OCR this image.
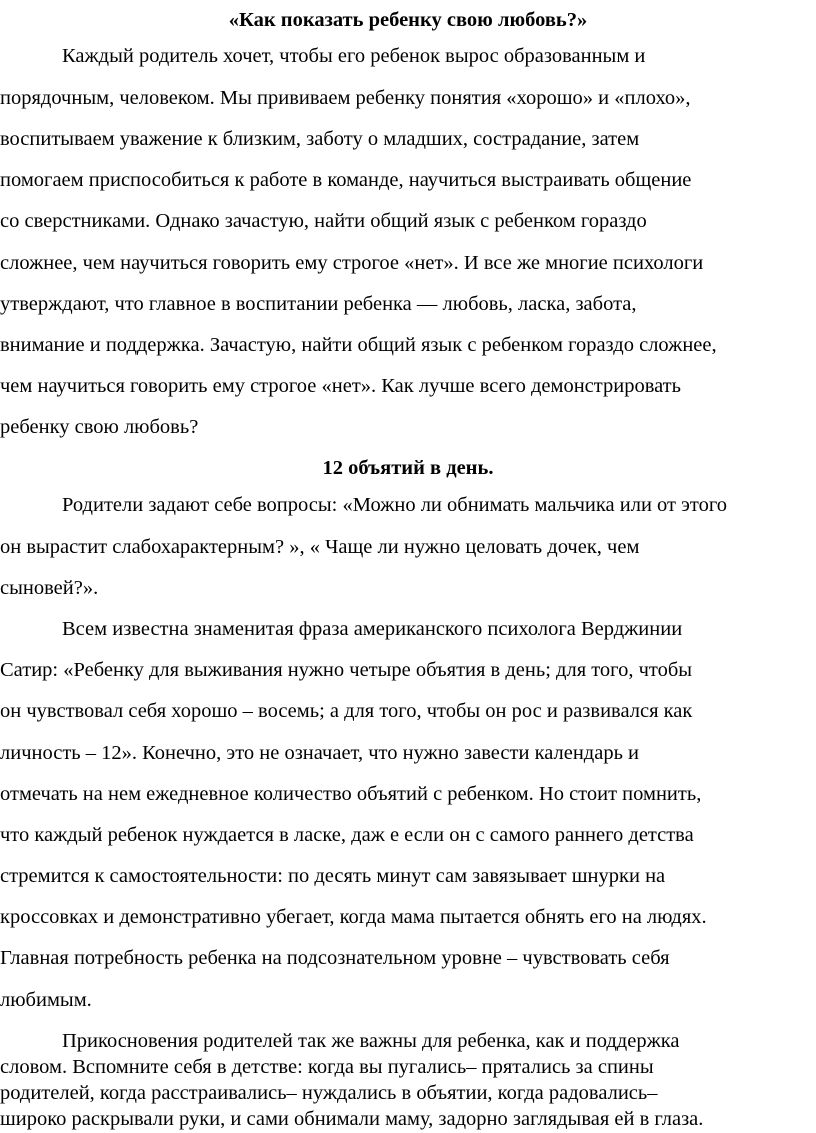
«Как показать ребенку свою любовь?»
Каждый родитель хочет, чтобы его ребенок вырос образованным и
порядочным, человеком. Мы прививаем ребенку понятия «хорошо» и «плохо»,
воспитываем уважение к близким, заботу о младших, сострадание, затем
помогаем приспособиться к работе в команде, научиться выстраивать общение
со сверстниками. Однако зачастую, найти общий язык с ребенком гораздо
сложнее, чем научиться говорить ему строгое «нет». И все же многие психологи
утверждают, что главное в воспитании ребенка — любовь, ласка, забота,
внимание и поддержка. Зачастую, найти общий язык с ребенком гораздо сложнее,
чем научиться говорить ему строгое «нет». Как лучше всего демонстрировать
ребенку свою любовь?
12 объятий в день.
Родители задают себе вопросы: «Можно ли обнимать мальчика или от этого
он вырастит слабохарактерным? », « Чаще ли нужно целовать дочек, чем
сыновей?».
Всем известна знаменитая фраза американского психолога Верджинии
Сатир: «Ребенку для выживания нужно четыре объятия в день; для того, чтобы
он чувствовал себя хорошо – восемь; а для того, чтобы он рос и развивался как
личность – 12». Конечно, это не означает, что нужно завести календарь и
отмечать на нем ежедневное количество объятий с ребенком. Но стоит помнить,
что каждый ребенок нуждается в ласке, даж е если он с самого раннего детства
стремится к самостоятельности: по десять минут сам завязывает шнурки на
кроссовках и демонстративно убегает, когда мама пытается обнять его на людях.
Главная потребность ребенка на подсознательном уровне – чувствовать себя
любимым.
Прикосновения родителей так же важны для ребенка, как и поддержка
словом. Вспомните себя в детстве: когда вы пугались– прятались за спины
родителей, когда расстраивались– нуждались в объятии, когда радовались–
широко раскрывали руки, и сами обнимали маму, задорно заглядывая ей в глаза.
